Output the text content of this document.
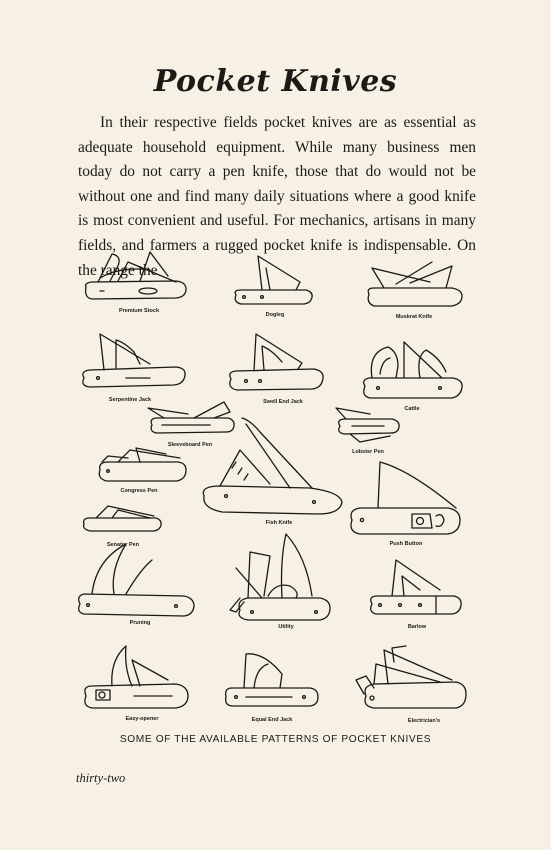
Pocket Knives
In their respective fields pocket knives are as essential as adequate household equipment. While many business men today do not carry a pen knife, those that do would not be without one and find many daily situations where a good knife is most convenient and useful. For mechanics, artisans in many fields, and farmers a rugged pocket knife is indispensable. On the range the
Premium Stock
Dogleg	Muskrat Knife
Serpentine Jack	Swell End Jack
Cattle
Sleeveboard Pen
Lobster Pen
Congress Pen
Fish Knife
Senator Pen	Push Button
Pruning
Utility	Barlow
Easy-opener	Equal End Jack	Electrician's
SOME OF THE AVAILABLE PATTERNS OF POCKET KNIVES
thirty-two
